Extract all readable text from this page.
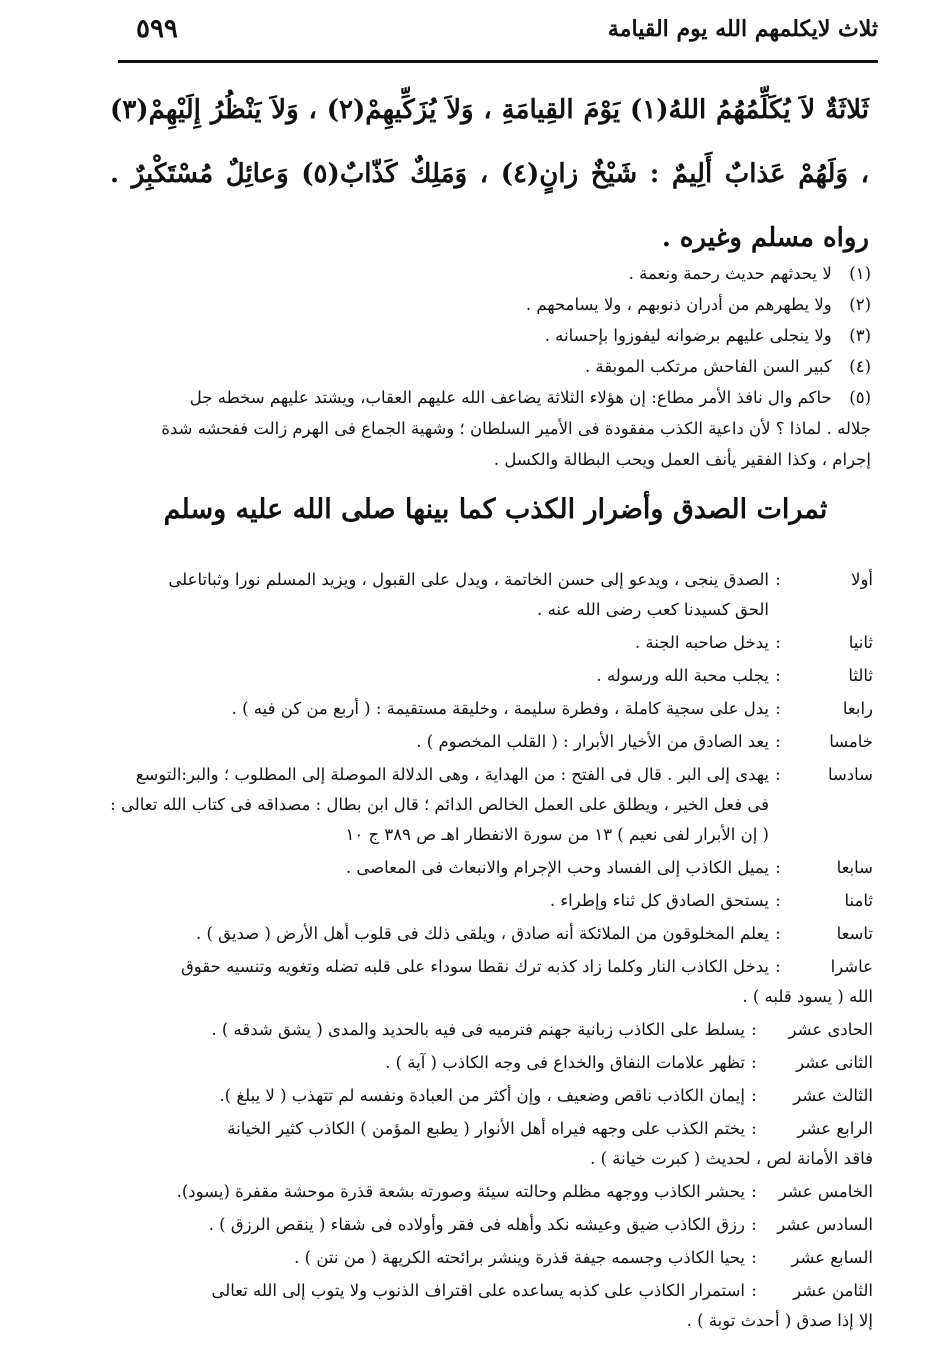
ثلاث لايكلمهم الله يوم القيامة
٥٩٩
ثَلاثَةٌ لاَ يُكَلِّمُهُمُ اللهُ(١) يَوْمَ القِيامَةِ ، وَلاَ يُزَكِّيهِمْ(٢) ، وَلاَ يَنْظُرُ إِلَيْهِمْ(٣) ، وَلَهُمْ عَذابٌ أَلِيمٌ : شَيْخٌ زانٍ(٤) ، وَمَلِكٌ كَذّابٌ(٥) وَعائِلٌ مُسْتَكْبِرٌ . رواه مسلم وغيره .
(١) لا يحدثهم حديث رحمة ونعمة .
(٢) ولا يطهرهم من أدران ذنوبهم ، ولا يسامحهم .
(٣) ولا ينجلى عليهم برضوانه ليفوزوا بإحسانه .
(٤) كبير السن الفاحش مرتكب الموبقة .
(٥) حاكم وال نافذ الأمر مطاع: إن هؤلاء الثلاثة يضاعف الله عليهم العقاب، ويشتد عليهم سخطه جل
جلاله . لماذا ؟ لأن داعية الكذب مفقودة فى الأمير السلطان ؛ وشهية الجماع فى الهرم زالت ففحشه شدة
إجرام ، وكذا الفقير يأنف العمل ويحب البطالة والكسل .
ثمرات الصدق وأضرار الكذب كما بينها صلى الله عليه وسلم
أولا:الصدق ينجى ، ويدعو إلى حسن الخاتمة ، ويدل على القبول ، ويزيد المسلم نورا وثباتاعلى
الحق كسيدنا كعب رضى الله عنه .
ثانيا:يدخل صاحبه الجنة .
ثالثا:يجلب محبة الله ورسوله .
رابعا:يدل على سجية كاملة ، وفطرة سليمة ، وخليقة مستقيمة : ( أربع من كن فيه ) .
خامسا:يعد الصادق من الأخيار الأبرار : ( القلب المخصوم ) .
سادسا:يهدى إلى البر . قال فى الفتح : من الهداية ، وهى الدلالة الموصلة إلى المطلوب ؛ والبر:التوسع
فى فعل الخير ، ويطلق على العمل الخالص الدائم ؛ قال ابن بطال : مصداقه فى كتاب الله تعالى :
( إن الأبرار لفى نعيم ) ١٣ من سورة الانفطار اهـ ص ٣٨٩ ج ١٠
سابعا:يميل الكاذب إلى الفساد وحب الإجرام والانبعاث فى المعاصى .
ثامنا:يستحق الصادق كل ثناء وإطراء .
تاسعا:يعلم المخلوقون من الملائكة أنه صادق ، ويلقى ذلك فى قلوب أهل الأرض ( صديق ) .
عاشرا:يدخل الكاذب النار وكلما زاد كذبه ترك نقطا سوداء على قلبه تضله وتغويه وتنسيه حقوق
الله ( يسود قلبه ) .
الحادى عشر:يسلط على الكاذب زبانية جهنم فترميه فى فيه بالحديد والمدى ( يشق شدقه ) .
الثانى عشر:تظهر علامات النفاق والخداع فى وجه الكاذب ( آية ) .
الثالث عشر:إيمان الكاذب ناقص وضعيف ، وإن أكثر من العبادة ونفسه لم تتهذب ( لا يبلغ ).
الرابع عشر:يختم الكذب على وجهه فيراه أهل الأنوار ( يطبع المؤمن ) الكاذب كثير الخيانة
فاقد الأمانة لص ، لحديث ( كبرت خيانة ) .
الخامس عشر:يحشر الكاذب ووجهه مظلم وحالته سيئة وصورته بشعة قذرة موحشة مقفرة (يسود).
السادس عشر:رزق الكاذب ضيق وعيشه نكد وأهله فى فقر وأولاده فى شقاء ( ينقص الرزق ) .
السابع عشر:يحيا الكاذب وجسمه جيفة قذرة وينشر برائحته الكريهة ( من نتن ) .
الثامن عشر:استمرار الكاذب على كذبه يساعده على اقتراف الذنوب ولا يتوب إلى الله تعالى
إلا إذا صدق ( أحدث توبة ) .
